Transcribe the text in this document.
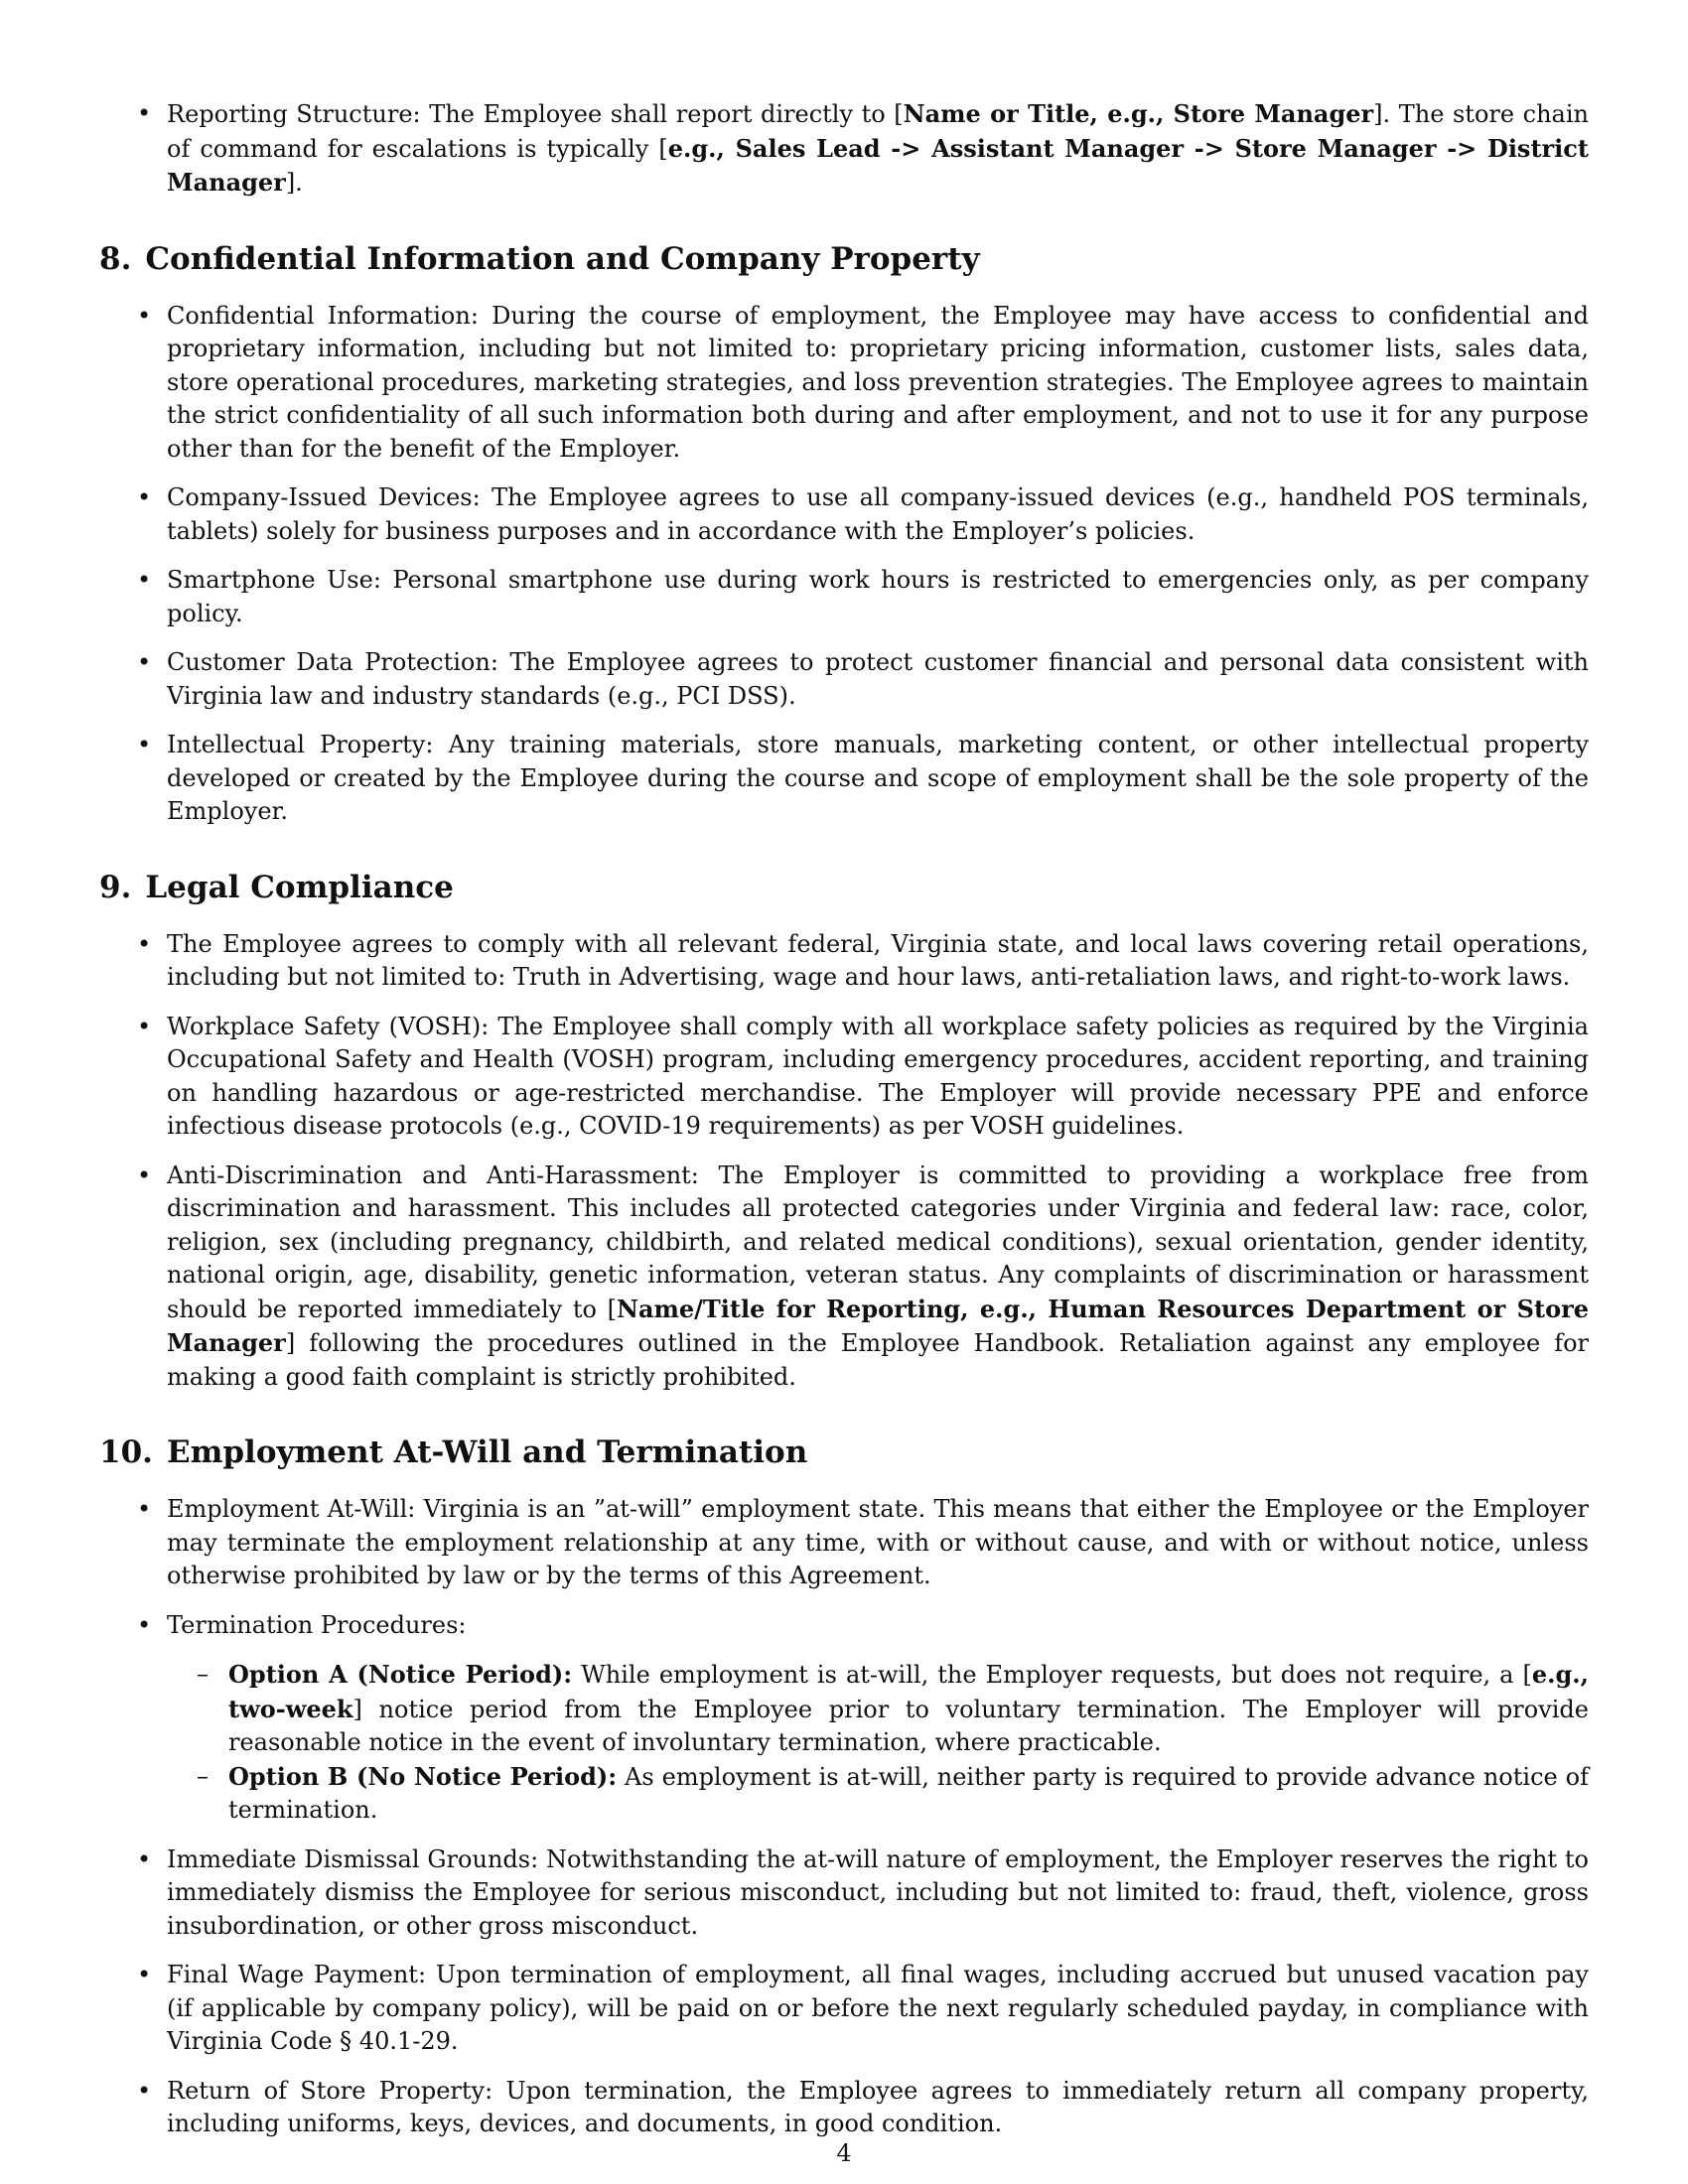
• Reporting Structure: The Employee shall report directly to [Name or Title, e.g., Store Manager]. The store chain of command for escalations is typically [e.g., Sales Lead -> Assistant Manager -> Store Manager -> District Manager].
8. Confidential Information and Company Property
• Confidential Information: During the course of employment, the Employee may have access to confidential and proprietary information, including but not limited to: proprietary pricing information, customer lists, sales data, store operational procedures, marketing strategies, and loss prevention strategies. The Employee agrees to maintain the strict confidentiality of all such information both during and after employment, and not to use it for any purpose other than for the benefit of the Employer.
• Company-Issued Devices: The Employee agrees to use all company-issued devices (e.g., handheld POS terminals, tablets) solely for business purposes and in accordance with the Employer’s policies.
• Smartphone Use: Personal smartphone use during work hours is restricted to emergencies only, as per company policy.
• Customer Data Protection: The Employee agrees to protect customer financial and personal data consistent with Virginia law and industry standards (e.g., PCI DSS).
• Intellectual Property: Any training materials, store manuals, marketing content, or other intellectual property developed or created by the Employee during the course and scope of employment shall be the sole property of the Employer.
9. Legal Compliance
• The Employee agrees to comply with all relevant federal, Virginia state, and local laws covering retail operations, including but not limited to: Truth in Advertising, wage and hour laws, anti-retaliation laws, and right-to-work laws.
• Workplace Safety (VOSH): The Employee shall comply with all workplace safety policies as required by the Virginia Occupational Safety and Health (VOSH) program, including emergency procedures, accident reporting, and training on handling hazardous or age-restricted merchandise. The Employer will provide necessary PPE and enforce infectious disease protocols (e.g., COVID-19 requirements) as per VOSH guidelines.
• Anti-Discrimination and Anti-Harassment: The Employer is committed to providing a workplace free from discrimination and harassment. This includes all protected categories under Virginia and federal law: race, color, religion, sex (including pregnancy, childbirth, and related medical conditions), sexual orientation, gender identity, national origin, age, disability, genetic information, veteran status. Any complaints of discrimination or harassment should be reported immediately to [Name/Title for Reporting, e.g., Human Resources Department or Store Manager] following the procedures outlined in the Employee Handbook. Retaliation against any employee for making a good faith complaint is strictly prohibited.
10. Employment At-Will and Termination
• Employment At-Will: Virginia is an ”at-will” employment state. This means that either the Employee or the Employer may terminate the employment relationship at any time, with or without cause, and with or without notice, unless otherwise prohibited by law or by the terms of this Agreement.
• Termination Procedures:
– Option A (Notice Period): While employment is at-will, the Employer requests, but does not require, a [e.g., two-week] notice period from the Employee prior to voluntary termination. The Employer will provide reasonable notice in the event of involuntary termination, where practicable.
– Option B (No Notice Period): As employment is at-will, neither party is required to provide advance notice of termination.
• Immediate Dismissal Grounds: Notwithstanding the at-will nature of employment, the Employer reserves the right to immediately dismiss the Employee for serious misconduct, including but not limited to: fraud, theft, violence, gross insubordination, or other gross misconduct.
• Final Wage Payment: Upon termination of employment, all final wages, including accrued but unused vacation pay (if applicable by company policy), will be paid on or before the next regularly scheduled payday, in compliance with Virginia Code § 40.1-29.
• Return of Store Property: Upon termination, the Employee agrees to immediately return all company property, including uniforms, keys, devices, and documents, in good condition.
4
